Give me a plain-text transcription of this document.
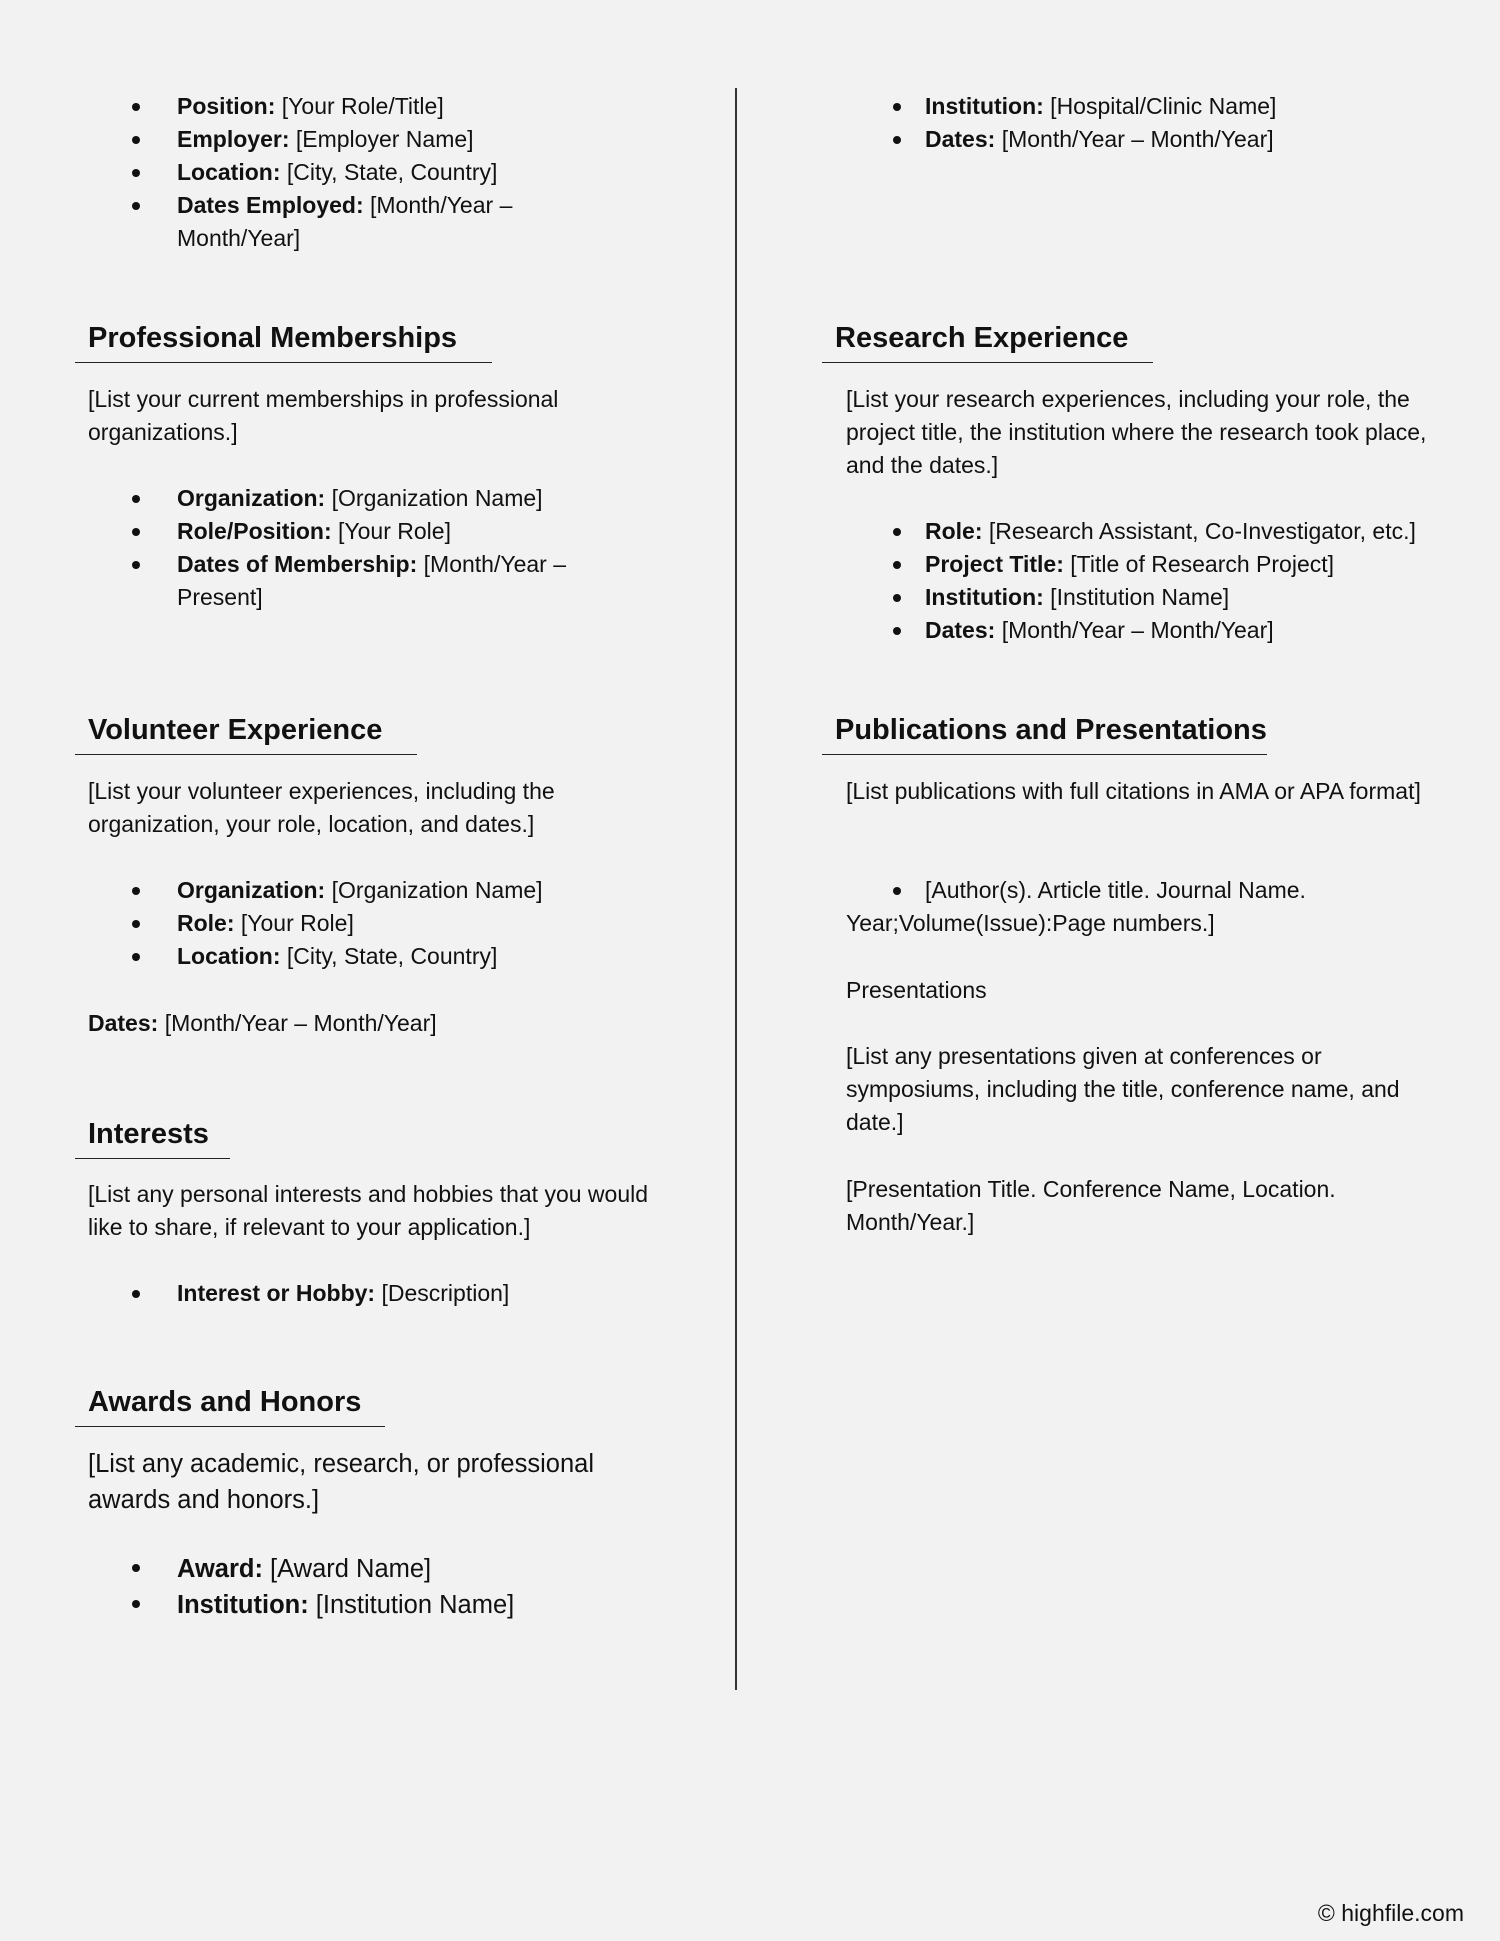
Position: [Your Role/Title]
Employer: [Employer Name]
Location: [City, State, Country]
Dates Employed: [Month/Year – Month/Year]
Professional Memberships

[List your current memberships in professional organizations.]

Organization: [Organization Name]
Role/Position: [Your Role]
Dates of Membership: [Month/Year – Present]
Volunteer Experience

[List your volunteer experiences, including the organization, your role, location, and dates.]

Organization: [Organization Name]
Role: [Your Role]
Location: [City, State, Country]

Dates: [Month/Year – Month/Year]

Interests

[List any personal interests and hobbies that you would like to share, if relevant to your application.]

Interest or Hobby: [Description]
Awards and Honors

[List any academic, research, or professional awards and honors.]

Award: [Award Name]
Institution: [Institution Name]
Institution: [Hospital/Clinic Name]
Dates: [Month/Year – Month/Year]
Research Experience

[List your research experiences, including your role, the project title, the institution where the research took place, and the dates.]

Role: [Research Assistant, Co-Investigator, etc.]
Project Title: [Title of Research Project]
Institution: [Institution Name]
Dates: [Month/Year – Month/Year]
Publications and Presentations

[List publications with full citations in AMA or APA format]

[Author(s). Article title. Journal Name.

Year;Volume(Issue):Page numbers.]

Presentations

[List any presentations given at conferences or symposiums, including the title, conference name, and date.]

[Presentation Title. Conference Name, Location. Month/Year.]

© highfile.com
